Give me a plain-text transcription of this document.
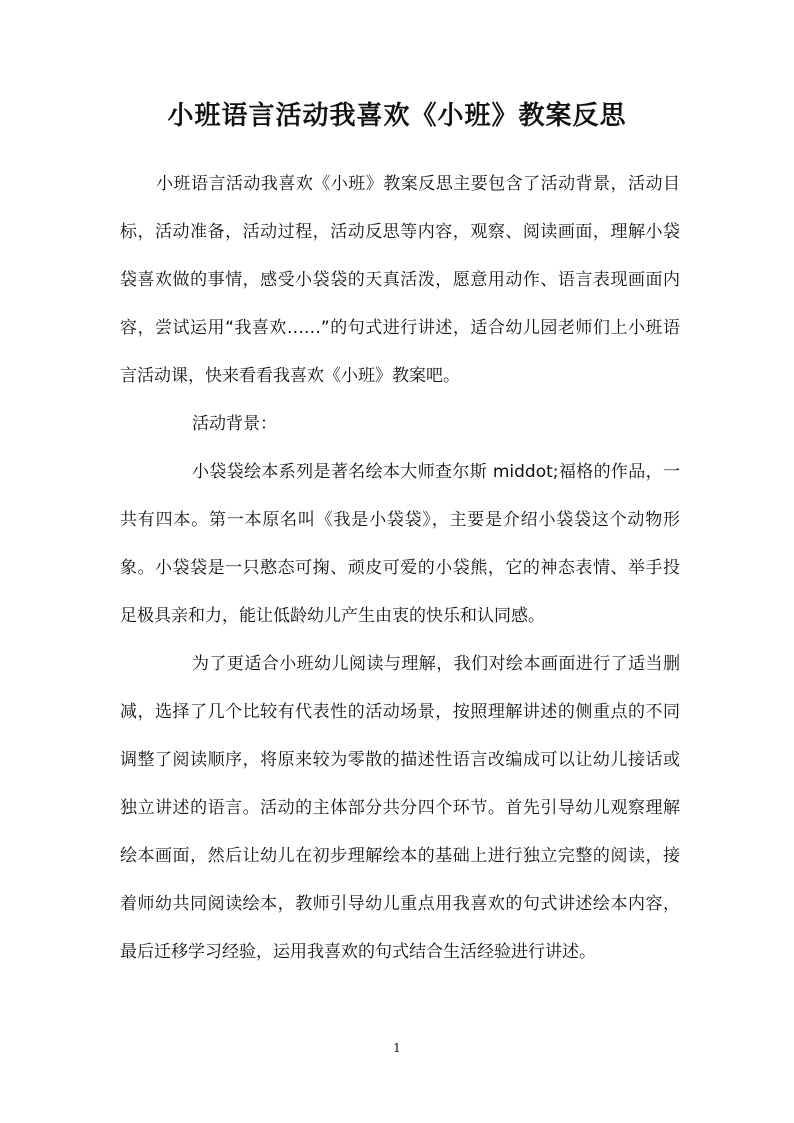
小班语言活动我喜欢《小班》教案反思

小班语言活动我喜欢《小班》教案反思主要包含了活动背景，活动目标，活动准备，活动过程，活动反思等内容，观察、阅读画面，理解小袋袋喜欢做的事情，感受小袋袋的天真活泼，愿意用动作、语言表现画面内容，尝试运用“我喜欢……”的句式进行讲述，适合幼儿园老师们上小班语言活动课，快来看看我喜欢《小班》教案吧。

活动背景：

小袋袋绘本系列是著名绘本大师查尔斯 middot;福格的作品，一共有四本。第一本原名叫《我是小袋袋》，主要是介绍小袋袋这个动物形象。小袋袋是一只憨态可掬、顽皮可爱的小袋熊，它的神态表情、举手投足极具亲和力，能让低龄幼儿产生由衷的快乐和认同感。

为了更适合小班幼儿阅读与理解，我们对绘本画面进行了适当删减，选择了几个比较有代表性的活动场景，按照理解讲述的侧重点的不同调整了阅读顺序，将原来较为零散的描述性语言改编成可以让幼儿接话或独立讲述的语言。活动的主体部分共分四个环节。首先引导幼儿观察理解绘本画面，然后让幼儿在初步理解绘本的基础上进行独立完整的阅读，接着师幼共同阅读绘本，教师引导幼儿重点用我喜欢的句式讲述绘本内容，最后迁移学习经验，运用我喜欢的句式结合生活经验进行讲述。

1
